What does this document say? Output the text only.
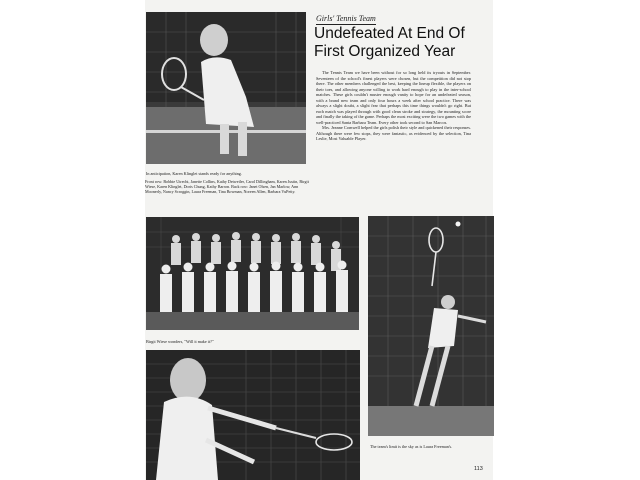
In anticipation, Karen Klinglet stands ready for anything.
Girls' Tennis Team
Undefeated At End Of
First Organized Year

The Tennis Team we have been without for so long held its tryouts in September. Seventeen of the school's finest players were chosen, but the competition did not stop there. The other members challenged the best, keeping the lineup flexible, the players on their toes, and allowing anyone willing to work hard enough to play in the inter-school matches. These girls couldn't muster enough vanity to hope for an undefeated season, with a brand new team and only four hours a week after school practice. There was always a slight doubt, a slight fear that perhaps this time things wouldn't go right. But each match was played through with good clean stroke and strategy, the mounting score and finally the taking of the game. Perhaps the most exciting were the two games with the well-practiced Santa Barbara Team. Every other took second to San Marcos.

Mrs. Jeanne Cornwell helped the girls polish their style and quickened their responses. Although there were few stops, they were fantastic, as evidenced by the selection, Tina Leslie, Most Valuable Player.

Front row: Bobbie Utrecht, Janette Collins, Kathy Detweiler, Carol Dillingham, Karen Justin, Birgit Wiese, Karen Klinglet, Doris Chung, Kathy Barron. Back row: Janet Olsen, Jan Marlow, Ann Moonerly, Nancy Scroggin, Laura Freeman, Tina Bowman, Noreen Allen, Barbara VuPetty.
Birgit Wiese wonders, "Will it make it?"
The team's limit is the sky as is Laura Freeman's.
113
